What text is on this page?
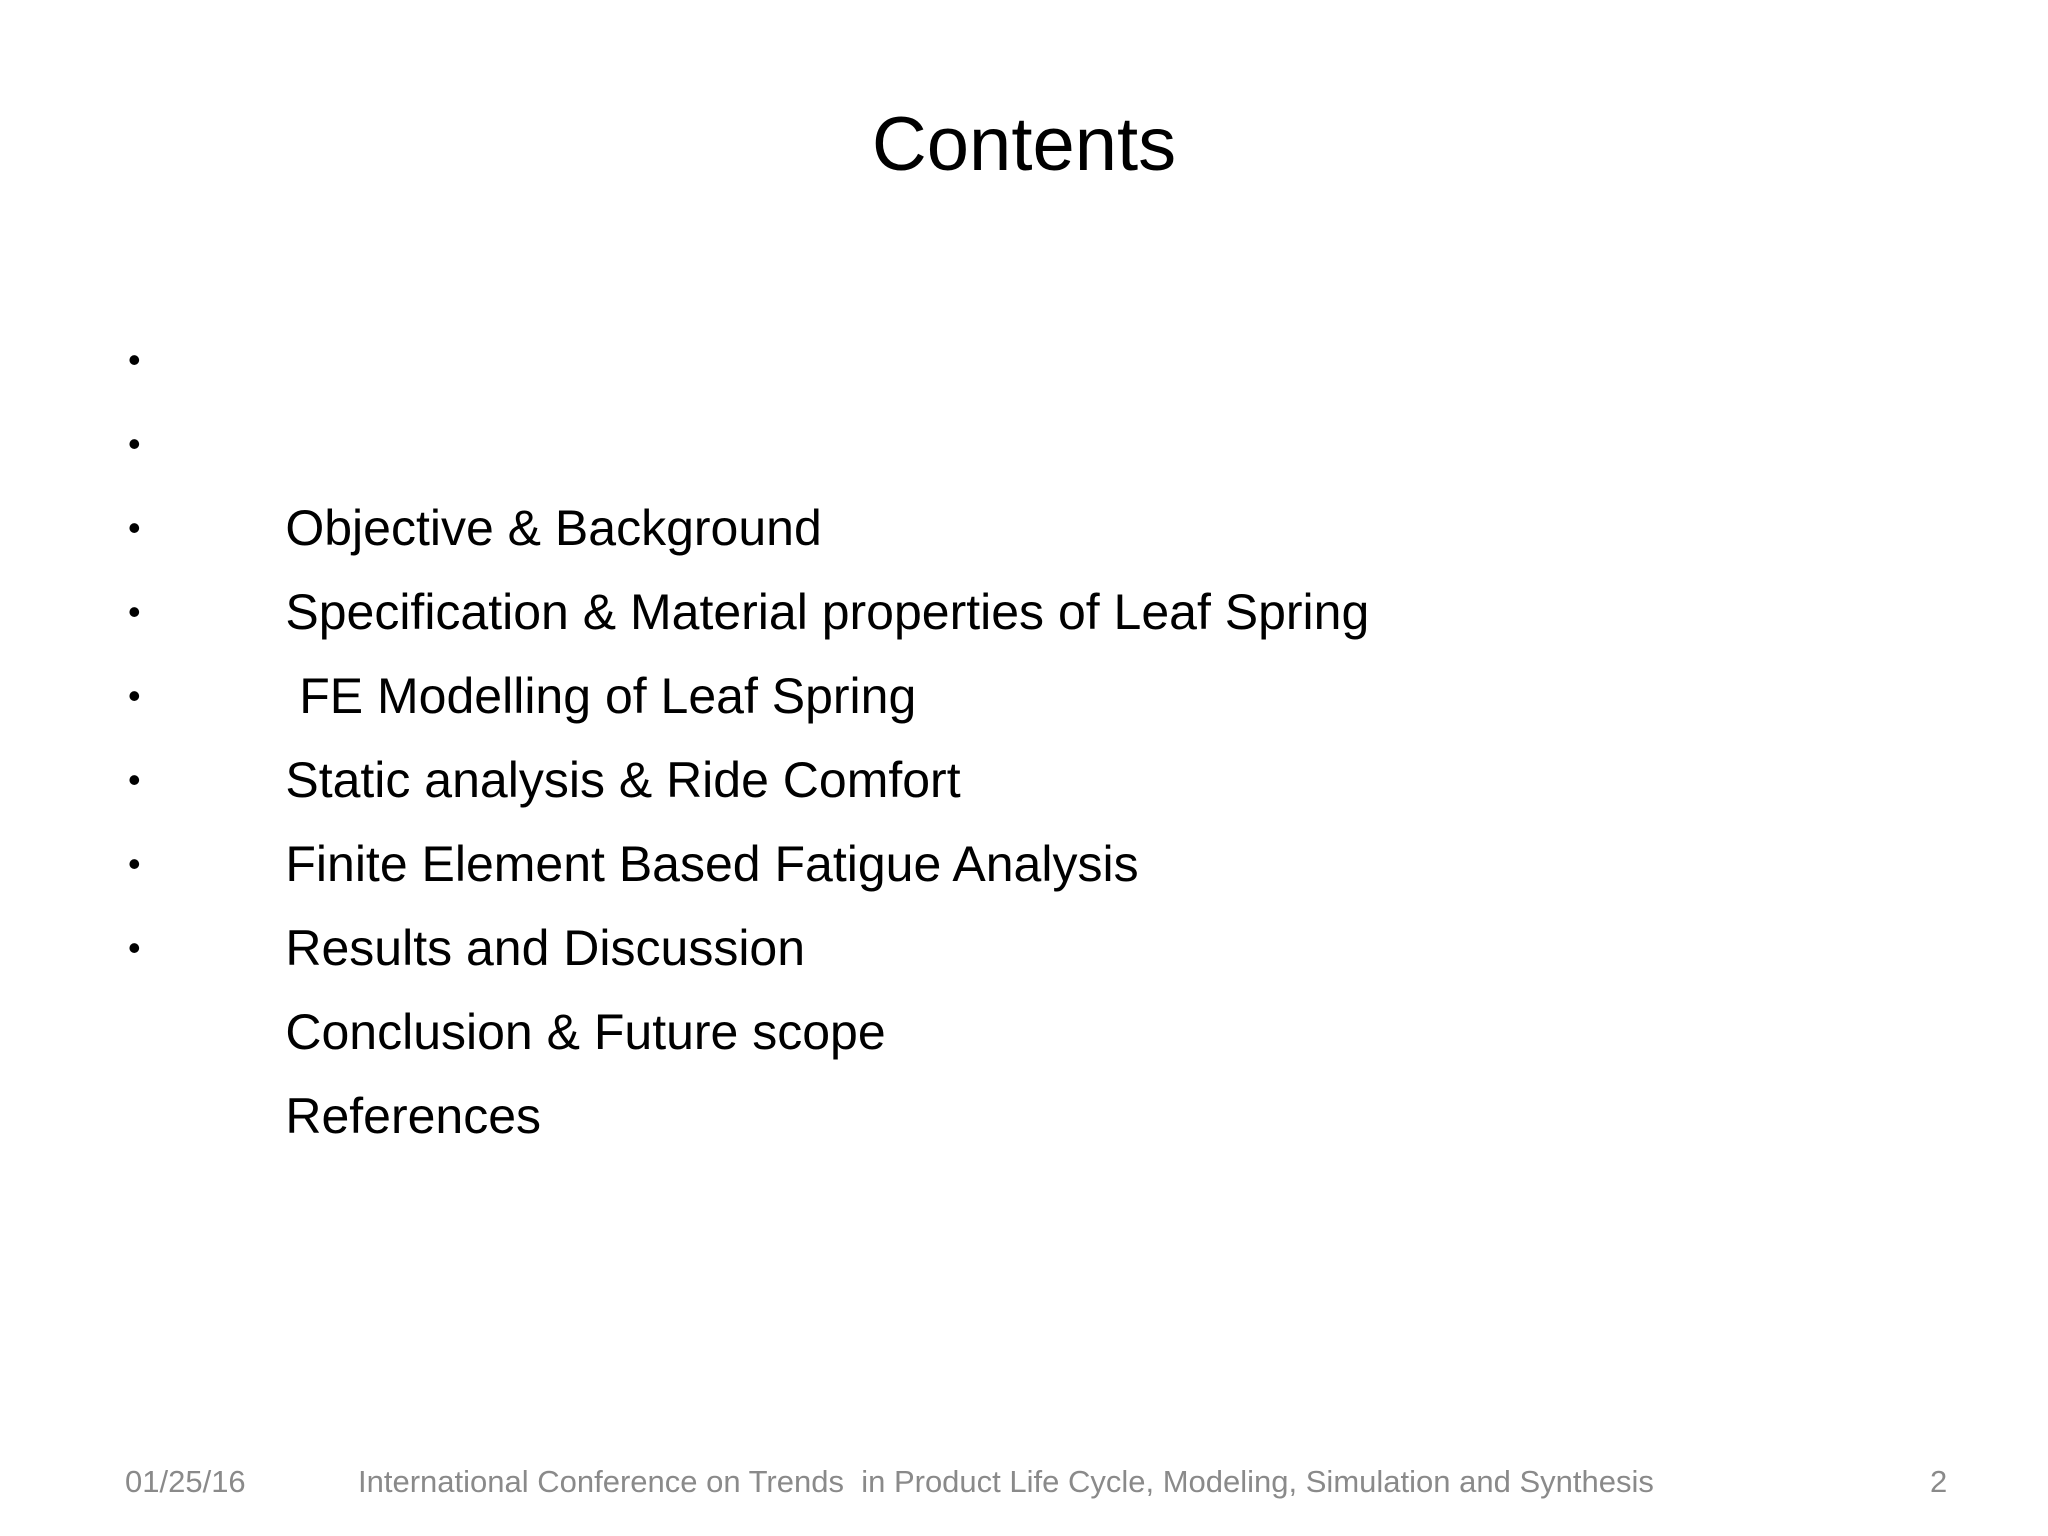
Contents

•

Objective & Background

•

Specification & Material properties of Leaf Spring

•

FE Modelling of Leaf Spring

•

Static analysis & Ride Comfort

•

Finite Element Based Fatigue Analysis

•

Results and Discussion

•

Conclusion & Future scope

•

References

01/25/16	International Conference on Trends  in Product Life Cycle, Modeling, Simulation and Synthesis	2
